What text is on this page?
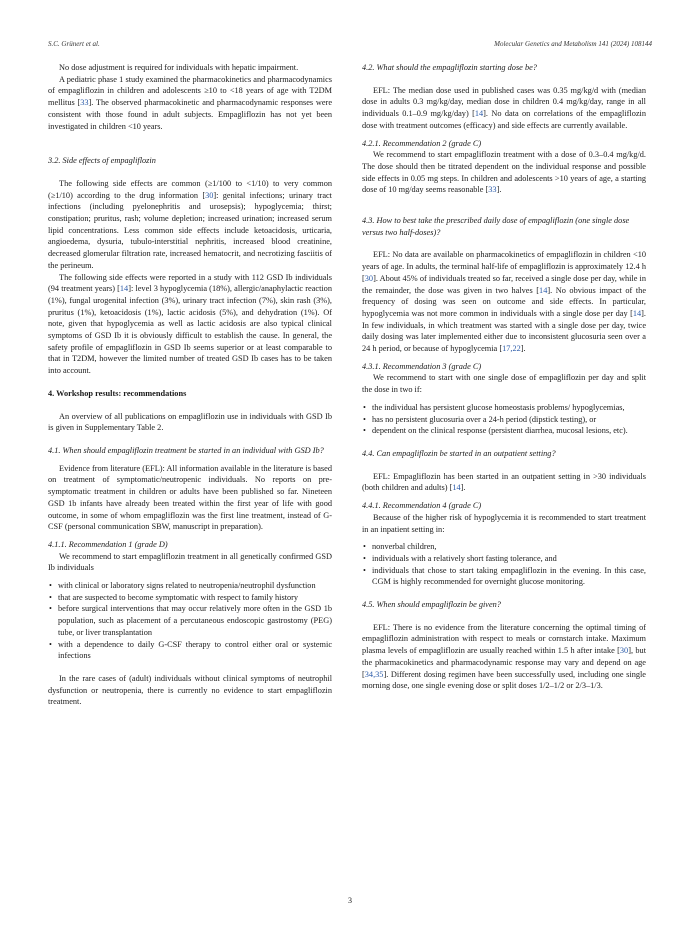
S.C. Grünert et al.	Molecular Genetics and Metabolism 141 (2024) 108144

No dose adjustment is required for individuals with hepatic impairment.

A pediatric phase 1 study examined the pharmacokinetics and pharmacodynamics of empagliflozin in children and adolescents ≥10 to <18 years of age with T2DM mellitus [33]. The observed pharmacokinetic and pharmacodynamic responses were consistent with those found in adult subjects. Empagliflozin has not yet been investigated in children <10 years.

3.2. Side effects of empagliflozin

The following side effects are common (≥1/100 to <1/10) to very common (≥1/10) according to the drug information [30]: genital infections; urinary tract infections (including pyelonephritis and urosepsis); hypoglycemia; thirst; constipation; pruritus, rash; volume depletion; increased urination; increased serum lipid concentrations. Less common side effects include ketoacidosis, urticaria, angioedema, dysuria, tubulo-interstitial nephritis, increased blood creatinine, decreased glomerular filtration rate, increased hematocrit, and necrotizing fasciitis of the perineum.

The following side effects were reported in a study with 112 GSD Ib individuals (94 treatment years) [14]: level 3 hypoglycemia (18%), allergic/anaphylactic reaction (1%), fungal urogenital infection (3%), urinary tract infection (7%), skin rash (3%), pruritus (1%), ketoacidosis (1%), lactic acidosis (5%), and dehydration (1%). Of note, given that hypoglycemia as well as lactic acidosis are also typical clinical symptoms of GSD Ib it is obviously difficult to establish the cause. In general, the safety profile of empagliflozin in GSD Ib seems superior or at least comparable to that in T2DM, however the limited number of treated GSD Ib cases has to be taken into account.

4. Workshop results: recommendations

An overview of all publications on empagliflozin use in individuals with GSD Ib is given in Supplementary Table 2.

4.1. When should empagliflozin treatment be started in an individual with GSD Ib?

Evidence from literature (EFL): All information available in the literature is based on treatment of symptomatic/neutropenic individuals. No reports on pre-symptomatic treatment in children or adults have been published so far. Nineteen GSD 1b infants have already been treated within the first year of life with good outcome, in some of whom empagliflozin was the first line treatment, instead of G-CSF (personal communication SBW, manuscript in preparation).

4.1.1. Recommendation 1 (grade D)

We recommend to start empagliflozin treatment in all genetically confirmed GSD Ib individuals

• with clinical or laboratory signs related to neutropenia/neutrophil dysfunction
• that are suspected to become symptomatic with respect to family history
• before surgical interventions that may occur relatively more often in the GSD 1b population, such as placement of a percutaneous endoscopic gastrostomy (PEG) tube, or liver transplantation
• with a dependence to daily G-CSF therapy to control either oral or systemic infections

In the rare cases of (adult) individuals without clinical symptoms of neutrophil dysfunction or neutropenia, there is currently no evidence to start empagliflozin treatment.

4.2. What should the empagliflozin starting dose be?

EFL: The median dose used in published cases was 0.35 mg/kg/d with (median dose in adults 0.3 mg/kg/day, median dose in children 0.4 mg/kg/day, range in all individuals 0.1–0.9 mg/kg/day) [14]. No data on correlations of the empagliflozin dose with treatment outcomes (efficacy) and side effects are currently available.

4.2.1. Recommendation 2 (grade C)

We recommend to start empagliflozin treatment with a dose of 0.3–0.4 mg/kg/d. The dose should then be titrated dependent on the individual response and possible side effects in 0.05 mg steps. In children and adolescents >10 years of age, a starting dose of 10 mg/day seems reasonable [33].

4.3. How to best take the prescribed daily dose of empagliflozin (one single dose versus two half-doses)?

EFL: No data are available on pharmacokinetics of empagliflozin in children <10 years of age. In adults, the terminal half-life of empagliflozin is approximately 12.4 h [30]. About 45% of individuals treated so far, received a single dose per day, while in the remainder, the dose was given in two halves [14]. No obvious impact of the frequency of dosing was seen on outcome and side effects. In particular, hypoglycemia was not more common in individuals with a single dose per day [14]. In few individuals, in which treatment was started with a single dose per day, twice daily dosing was later implemented either due to inconsistent glucosuria seen over a 24 h period, or because of hypoglycemia [17,22].

4.3.1. Recommendation 3 (grade C)

We recommend to start with one single dose of empagliflozin per day and split the dose in two if:

• the individual has persistent glucose homeostasis problems/ hypoglycemias,
• has no persistent glucosuria over a 24-h period (dipstick testing), or
• dependent on the clinical response (persistent diarrhea, mucosal lesions, etc).
4.4. Can empagliflozin be started in an outpatient setting?

EFL: Empagliflozin has been started in an outpatient setting in >30 individuals (both children and adults) [14].

4.4.1. Recommendation 4 (grade C)

Because of the higher risk of hypoglycemia it is recommended to start treatment in an inpatient setting in:

• nonverbal children,
• individuals with a relatively short fasting tolerance, and
• individuals that chose to start taking empagliflozin in the evening. In this case, CGM is highly recommended for overnight glucose monitoring.
4.5. When should empagliflozin be given?

EFL: There is no evidence from the literature concerning the optimal timing of empagliflozin administration with respect to meals or cornstarch intake. Maximum plasma levels of empagliflozin are usually reached within 1.5 h after intake [30], but the pharmacokinetics and pharmacodynamic response may vary and depend on age [34,35]. Different dosing regimen have been successfully used, including one single morning dose, one single evening dose or split doses 1/2–1/2 or 2/3–1/3.

3
